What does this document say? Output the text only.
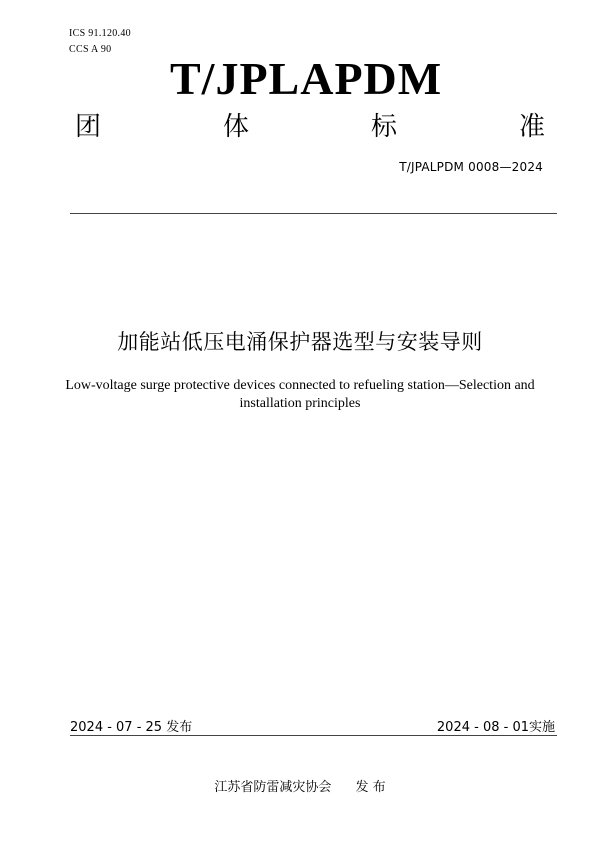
ICS 91.120.40
CCS A 90
T/JPLAPDM
团	体	标	准
T/JPALPDM 0008—2024
加能站低压电涌保护器选型与安装导则
Low-voltage surge protective devices connected to refueling station—Selection and
installation principles
2024 - 07 - 25 发布	2024 - 08 - 01实施
江苏省防雷减灾协会 发 布
